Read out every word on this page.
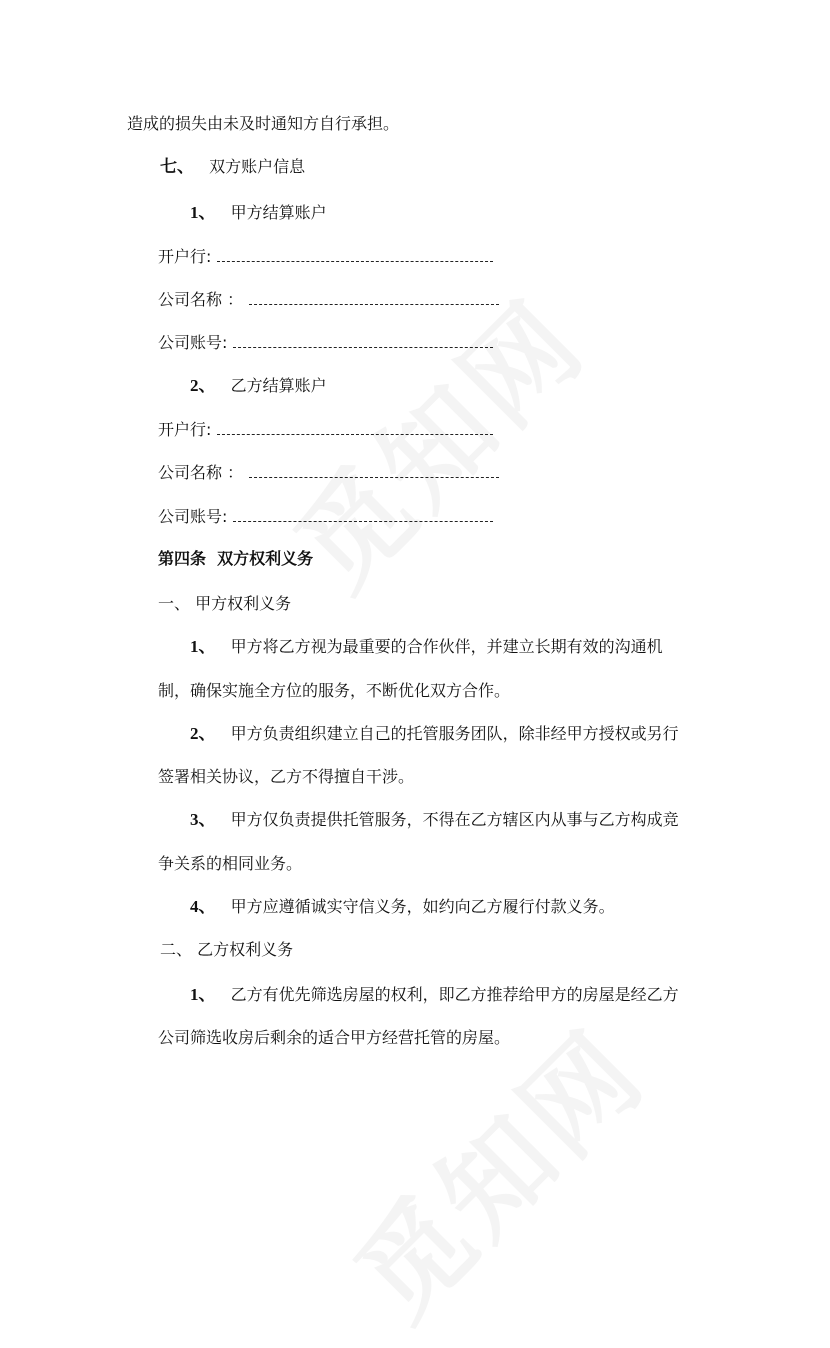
造成的损失由未及时通知方自行承担。
七、 双方账户信息
1、 甲方结算账户
开户行:
公司名称 ：
公司账号:
2、 乙方结算账户
开户行:
公司名称 ：
公司账号:
第四条  双方权利义务
一、 甲方权利义务
1、 甲方将乙方视为最重要的合作伙伴，并建立长期有效的沟通机
制，确保实施全方位的服务，不断优化双方合作。
2、 甲方负责组织建立自己的托管服务团队，除非经甲方授权或另行
签署相关协议，乙方不得擅自干涉。
3、 甲方仅负责提供托管服务，不得在乙方辖区内从事与乙方构成竞
争关系的相同业务。
4、 甲方应遵循诚实守信义务，如约向乙方履行付款义务。
二、 乙方权利义务
1、 乙方有优先筛选房屋的权利，即乙方推荐给甲方的房屋是经乙方
公司筛选收房后剩余的适合甲方经营托管的房屋。
